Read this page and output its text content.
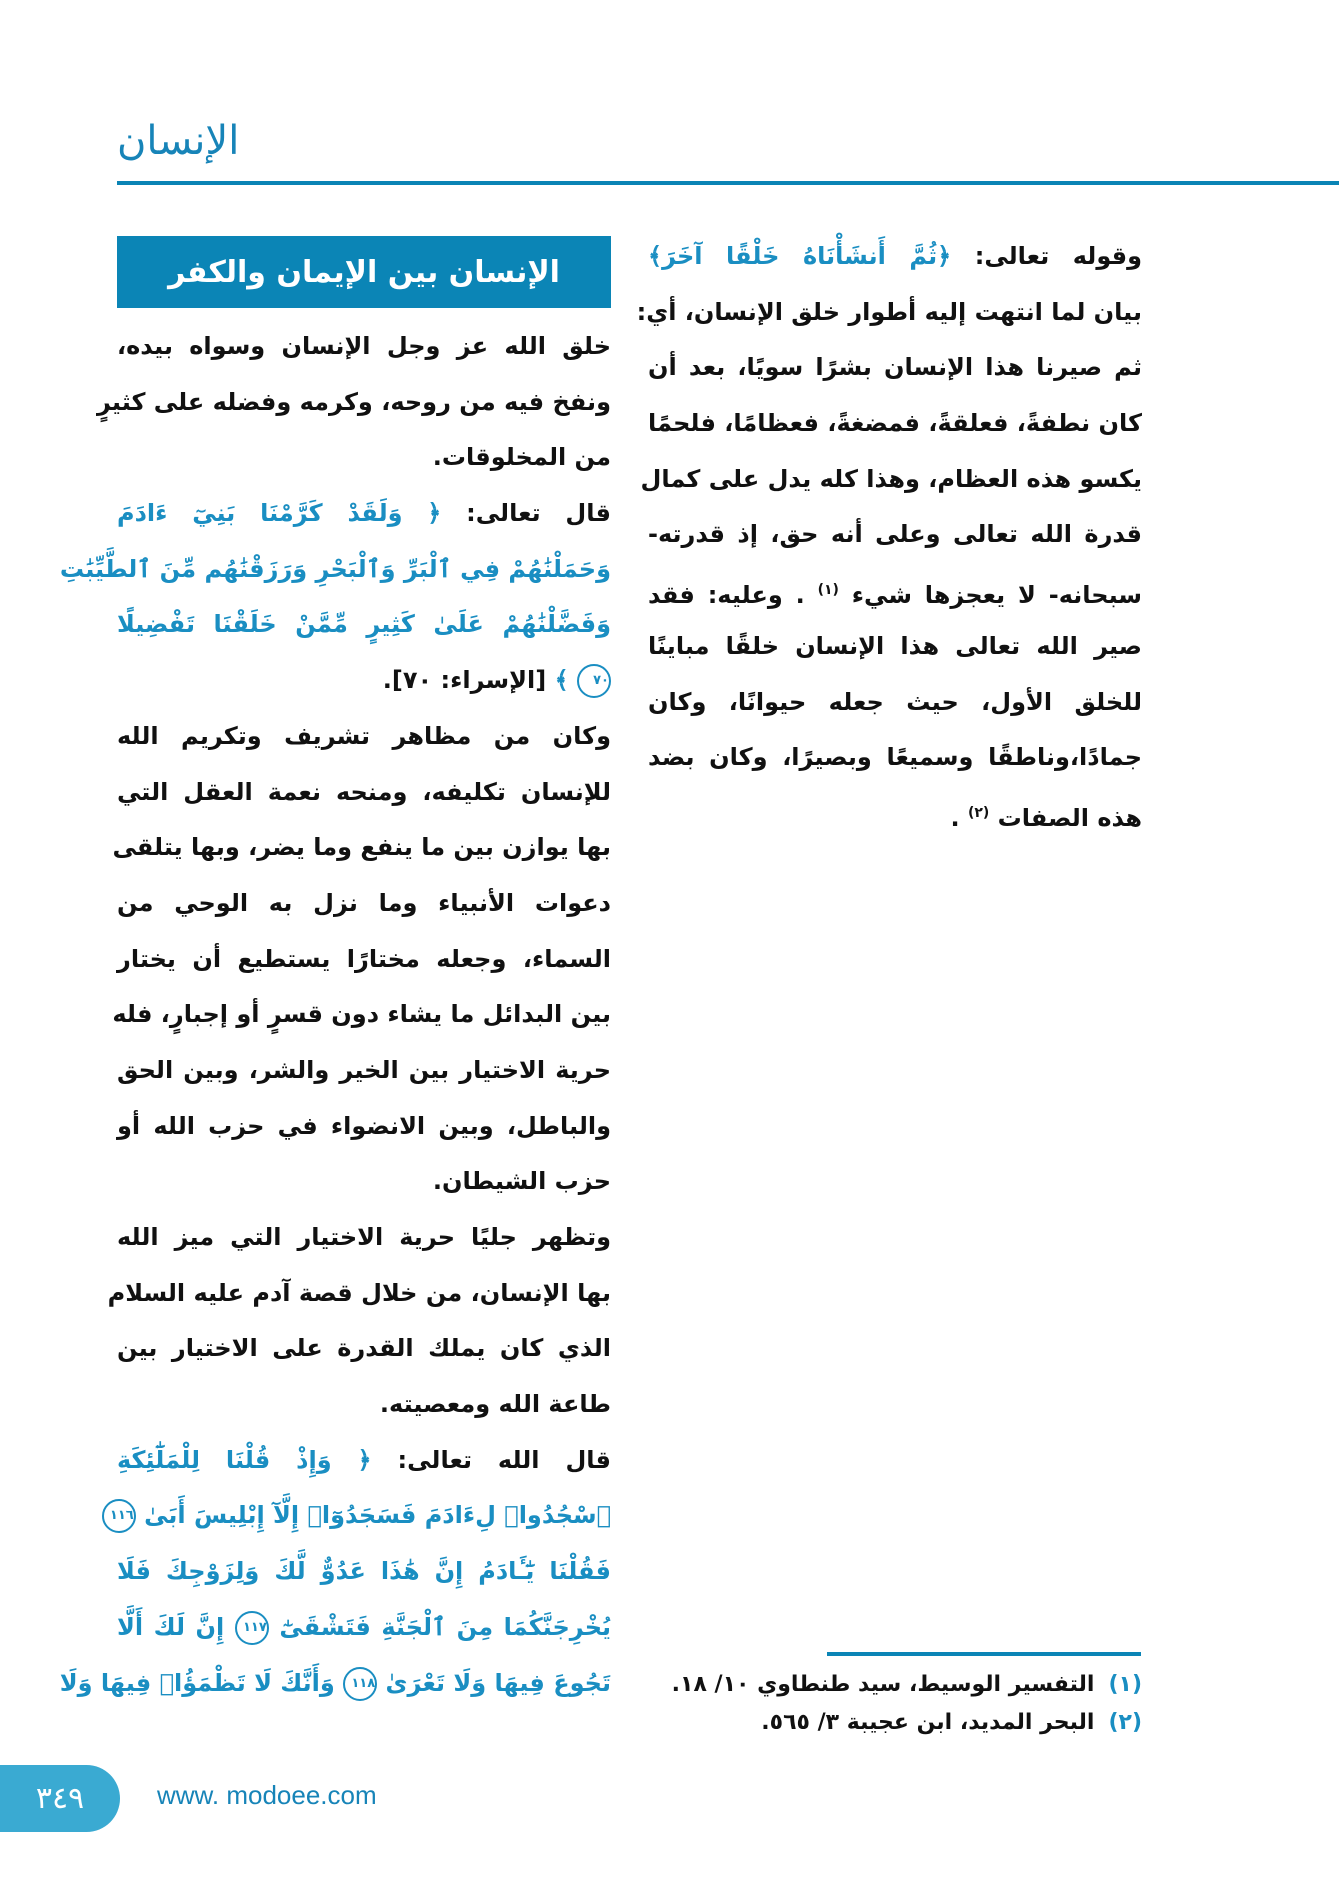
الإنسان
الإنسان بين الإيمان والكفر	وقوله تعالى: ﴿ثُمَّ أَنشَأْنَاهُ خَلْقًا آخَرَ﴾
بيان لما انتهت إليه أطوار خلق الإنسان، أي:
ثم صيرنا هذا الإنسان بشرًا سويًا، بعد أن
كان نطفةً، فعلقةً، فمضغةً، فعظامًا، فلحمًا
يكسو هذه العظام، وهذا كله يدل على كمال
قدرة الله تعالى وعلى أنه حق، إذ قدرته-
سبحانه- لا يعجزها شيء $^{(١)}$ . وعليه: فقد
صير الله تعالى هذا الإنسان خلقًا مباينًا
للخلق الأول، حيث جعله حيوانًا، وكان
جمادًا،وناطقًا وسميعًا وبصيرًا، وكان بضد
هذه الصفات $^{(٢)}$ .
خلق الله عز وجل الإنسان وسواه بيده،
ونفخ فيه من روحه، وكرمه وفضله على كثيرٍ
من المخلوقات.
قال تعالى: ﴿ وَلَقَدْ كَرَّمْنَا بَنِيٓ ءَادَمَ
وَحَمَلْنَٰهُمْ فِي ٱلْبَرِّ وَٱلْبَحْرِ وَرَزَقْنَٰهُم مِّنَ ٱلطَّيِّبَٰتِ
وَفَضَّلْنَٰهُمْ عَلَىٰ كَثِيرٍ مِّمَّنْ خَلَقْنَا تَفْضِيلًا
٧٠ ﴾ [الإسراء: ٧٠].
وكان من مظاهر تشريف وتكريم الله
للإنسان تكليفه، ومنحه نعمة العقل التي
بها يوازن بين ما ينفع وما يضر، وبها يتلقى
دعوات الأنبياء وما نزل به الوحي من
السماء، وجعله مختارًا يستطيع أن يختار
بين البدائل ما يشاء دون قسرٍ أو إجبارٍ، فله
حرية الاختيار بين الخير والشر، وبين الحق
والباطل، وبين الانضواء في حزب الله أو
حزب الشيطان.
وتظهر جليًا حرية الاختيار التي ميز الله
بها الإنسان، من خلال قصة آدم عليه السلام
الذي كان يملك القدرة على الاختيار بين
طاعة الله ومعصيته.
قال الله تعالى: ﴿ وَإِذْ قُلْنَا لِلْمَلَٰٓئِكَةِ
ٱسْجُدُوا۟ لِءَادَمَ فَسَجَدُوٓا۟ إِلَّآ إِبْلِيسَ أَبَىٰ ١١٦
فَقُلْنَا يَٰٓـَٔادَمُ إِنَّ هَٰذَا عَدُوٌّ لَّكَ وَلِزَوْجِكَ فَلَا
يُخْرِجَنَّكُمَا مِنَ ٱلْجَنَّةِ فَتَشْقَىٰٓ ١١٧ إِنَّ لَكَ أَلَّا
تَجُوعَ فِيهَا وَلَا تَعْرَىٰ ١١٨ وَأَنَّكَ لَا تَظْمَؤُا۟ فِيهَا وَلَا	(١)التفسير الوسيط، سيد طنطاوي ١٠/ ١٨.
(٢)البحر المديد، ابن عجيبة ٣/ ٥٦٥.
٣٤٩	www. modoee.com
